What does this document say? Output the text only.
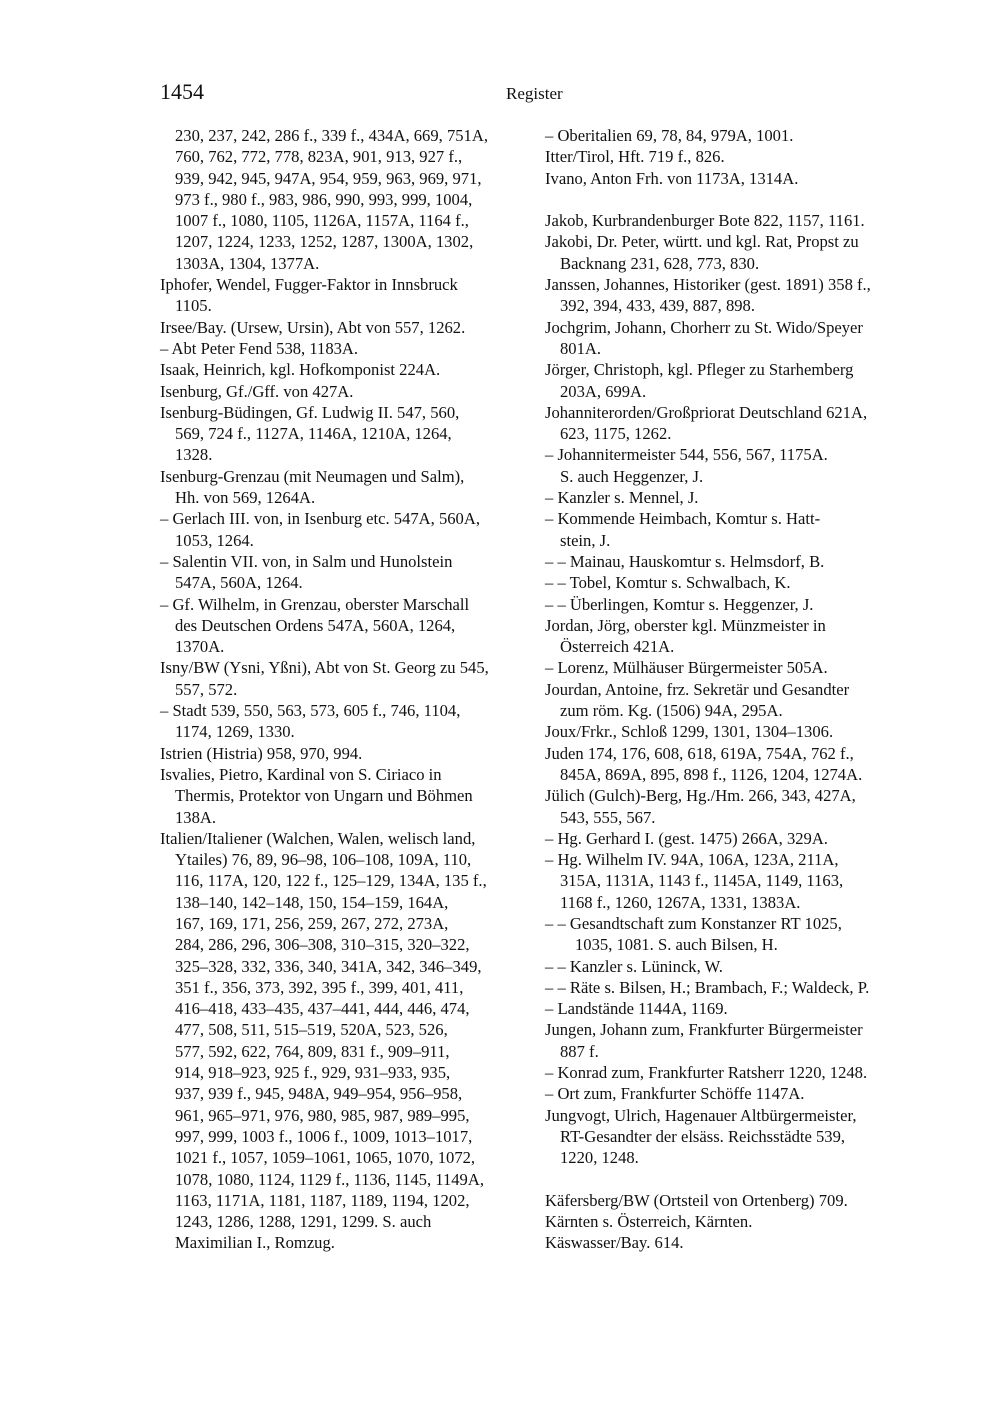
1454	Register
230, 237, 242, 286 f., 339 f., 434A, 669, 751A,
760, 762, 772, 778, 823A, 901, 913, 927 f.,
939, 942, 945, 947A, 954, 959, 963, 969, 971,
973 f., 980 f., 983, 986, 990, 993, 999, 1004,
1007 f., 1080, 1105, 1126A, 1157A, 1164 f.,
1207, 1224, 1233, 1252, 1287, 1300A, 1302,
1303A, 1304, 1377A.
Iphofer, Wendel, Fugger-Faktor in Innsbruck
1105.
Irsee/Bay. (Ursew, Ursin), Abt von 557, 1262.
– Abt Peter Fend 538, 1183A.
Isaak, Heinrich, kgl. Hofkomponist 224A.
Isenburg, Gf./Gff. von 427A.
Isenburg-Büdingen, Gf. Ludwig II. 547, 560,
569, 724 f., 1127A, 1146A, 1210A, 1264,
1328.
Isenburg-Grenzau (mit Neumagen und Salm),
Hh. von 569, 1264A.
– Gerlach III. von, in Isenburg etc. 547A, 560A,
1053, 1264.
– Salentin VII. von, in Salm und Hunolstein
547A, 560A, 1264.
– Gf. Wilhelm, in Grenzau, oberster Marschall
des Deutschen Ordens 547A, 560A, 1264,
1370A.
Isny/BW (Ysni, Yßni), Abt von St. Georg zu 545,
557, 572.
– Stadt 539, 550, 563, 573, 605 f., 746, 1104,
1174, 1269, 1330.
Istrien (Histria) 958, 970, 994.
Isvalies, Pietro, Kardinal von S. Ciriaco in
Thermis, Protektor von Ungarn und Böhmen
138A.
Italien/Italiener (Walchen, Walen, welisch land,
Ytailes) 76, 89, 96–98, 106–108, 109A, 110,
116, 117A, 120, 122 f., 125–129, 134A, 135 f.,
138–140, 142–148, 150, 154–159, 164A,
167, 169, 171, 256, 259, 267, 272, 273A,
284, 286, 296, 306–308, 310–315, 320–322,
325–328, 332, 336, 340, 341A, 342, 346–349,
351 f., 356, 373, 392, 395 f., 399, 401, 411,
416–418, 433–435, 437–441, 444, 446, 474,
477, 508, 511, 515–519, 520A, 523, 526,
577, 592, 622, 764, 809, 831 f., 909–911,
914, 918–923, 925 f., 929, 931–933, 935,
937, 939 f., 945, 948A, 949–954, 956–958,
961, 965–971, 976, 980, 985, 987, 989–995,
997, 999, 1003 f., 1006 f., 1009, 1013–1017,
1021 f., 1057, 1059–1061, 1065, 1070, 1072,
1078, 1080, 1124, 1129 f., 1136, 1145, 1149A,
1163, 1171A, 1181, 1187, 1189, 1194, 1202,
1243, 1286, 1288, 1291, 1299. S. auch
Maximilian I., Romzug.
– Oberitalien 69, 78, 84, 979A, 1001.
Itter/Tirol, Hft. 719 f., 826.
Ivano, Anton Frh. von 1173A, 1314A.
Jakob, Kurbrandenburger Bote 822, 1157, 1161.
Jakobi, Dr. Peter, württ. und kgl. Rat, Propst zu
Backnang 231, 628, 773, 830.
Janssen, Johannes, Historiker (gest. 1891) 358 f.,
392, 394, 433, 439, 887, 898.
Jochgrim, Johann, Chorherr zu St. Wido/Speyer
801A.
Jörger, Christoph, kgl. Pfleger zu Starhemberg
203A, 699A.
Johanniterorden/Großpriorat Deutschland 621A,
623, 1175, 1262.
– Johannitermeister 544, 556, 567, 1175A.
S. auch Heggenzer, J.
– Kanzler s. Mennel, J.
– Kommende Heimbach, Komtur s. Hatt-
stein, J.
– – Mainau, Hauskomtur s. Helmsdorf, B.
– – Tobel, Komtur s. Schwalbach, K.
– – Überlingen, Komtur s. Heggenzer, J.
Jordan, Jörg, oberster kgl. Münzmeister in
Österreich 421A.
– Lorenz, Mülhäuser Bürgermeister 505A.
Jourdan, Antoine, frz. Sekretär und Gesandter
zum röm. Kg. (1506) 94A, 295A.
Joux/Frkr., Schloß 1299, 1301, 1304–1306.
Juden 174, 176, 608, 618, 619A, 754A, 762 f.,
845A, 869A, 895, 898 f., 1126, 1204, 1274A.
Jülich (Gulch)-Berg, Hg./Hm. 266, 343, 427A,
543, 555, 567.
– Hg. Gerhard I. (gest. 1475) 266A, 329A.
– Hg. Wilhelm IV. 94A, 106A, 123A, 211A,
315A, 1131A, 1143 f., 1145A, 1149, 1163,
1168 f., 1260, 1267A, 1331, 1383A.
– – Gesandtschaft zum Konstanzer RT 1025,
1035, 1081. S. auch Bilsen, H.
– – Kanzler s. Lüninck, W.
– – Räte s. Bilsen, H.; Brambach, F.; Waldeck, P.
– Landstände 1144A, 1169.
Jungen, Johann zum, Frankfurter Bürgermeister
887 f.
– Konrad zum, Frankfurter Ratsherr 1220, 1248.
– Ort zum, Frankfurter Schöffe 1147A.
Jungvogt, Ulrich, Hagenauer Altbürgermeister,
RT-Gesandter der elsäss. Reichsstädte 539,
1220, 1248.
Käfersberg/BW (Ortsteil von Ortenberg) 709.
Kärnten s. Österreich, Kärnten.
Käswasser/Bay. 614.
